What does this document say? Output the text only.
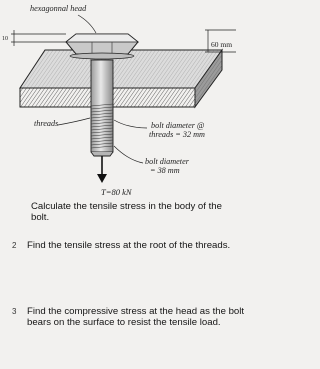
hexagonnal head
10
60 mm
threads	bolt diameter @
threads = 32 mm
bolt diameter
= 38 mm
T=80 kN
Calculate the tensile stress in the body of the bolt.
2 Find the tensile stress at the root of the threads.
3 Find the compressive stress at the head as the bolt bears on the surface to resist the tensile load.
